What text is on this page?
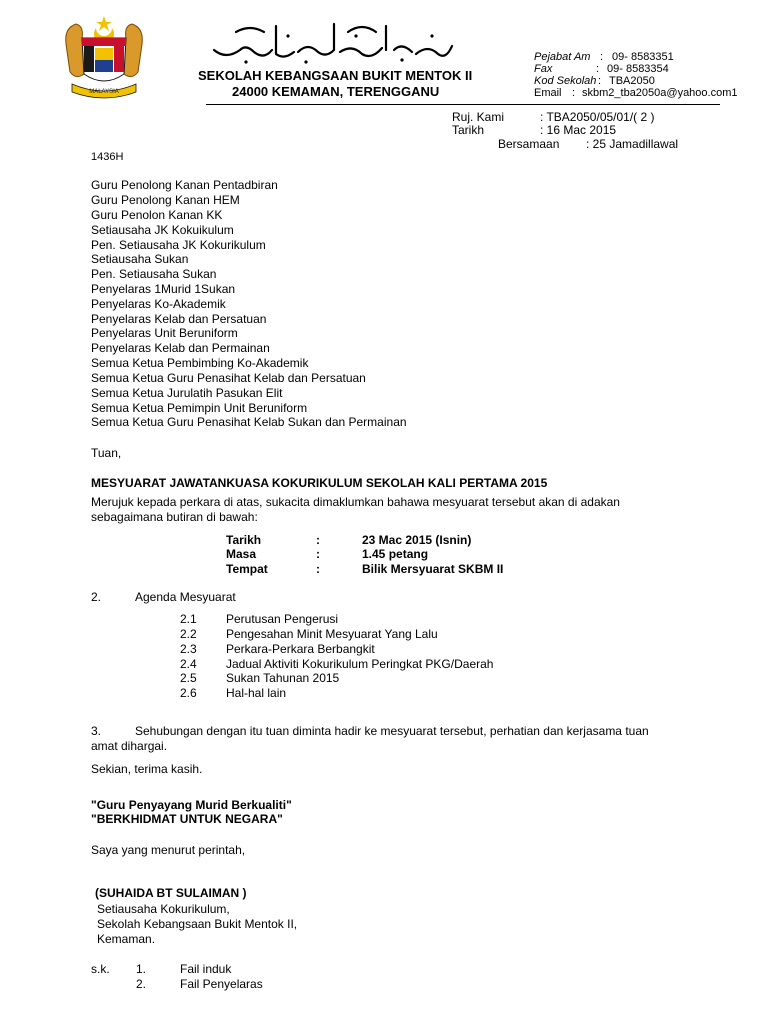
MALAYSIA
SEKOLAH KEBANGSAAN BUKIT MENTOK II
24000 KEMAMAN, TERENGGANU
Pejabat Am : 09- 8583351
Fax	: 09- 8583354
Kod Sekolah : TBA2050
Email : skbm2_tba2050a@yahoo.com1
Ruj. Kami	: TBA2050/05/01/( 2 )
Tarikh	: 16 Mac 2015
Bersamaan : 25 Jamadillawal
1436H
Guru Penolong Kanan Pentadbiran
Guru Penolong Kanan HEM
Guru Penolon Kanan KK
Setiausaha JK Kokuikulum
Pen. Setiausaha JK Kokurikulum
Setiausaha Sukan
Pen. Setiausaha Sukan
Penyelaras 1Murid 1Sukan
Penyelaras Ko-Akademik
Penyelaras Kelab dan Persatuan
Penyelaras Unit Beruniform
Penyelaras Kelab dan Permainan
Semua Ketua Pembimbing Ko-Akademik
Semua Ketua Guru Penasihat Kelab dan Persatuan
Semua Ketua Jurulatih Pasukan Elit
Semua Ketua Pemimpin Unit Beruniform
Semua Ketua Guru Penasihat Kelab Sukan dan Permainan
Tuan,
MESYUARAT JAWATANKUASA KOKURIKULUM SEKOLAH KALI PERTAMA 2015
Merujuk kepada perkara di atas, sukacita dimaklumkan bahawa mesyuarat tersebut akan di adakan
sebagaimana butiran di bawah:
Tarikh	:	23 Mac 2015 (Isnin)
Masa	:	1.45 petang
Tempat	:	Bilik Mersyuarat SKBM II
2.	Agenda Mesyuarat
2.1 Perutusan Pengerusi
2.2 Pengesahan Minit Mesyuarat Yang Lalu
2.3 Perkara-Perkara Berbangkit
2.4 Jadual Aktiviti Kokurikulum Peringkat PKG/Daerah
2.5 Sukan Tahunan 2015
2.6 Hal-hal lain
3.	Sehubungan dengan itu tuan diminta hadir ke mesyuarat tersebut, perhatian dan kerjasama tuan
amat dihargai.
Sekian, terima kasih.
"Guru Penyayang Murid Berkualiti"
"BERKHIDMAT UNTUK NEGARA"
Saya yang menurut perintah,
(SUHAIDA BT SULAIMAN )
Setiausaha Kokurikulum,
Sekolah Kebangsaan Bukit Mentok II,
Kemaman.
s.k. 1.	Fail induk
2.	Fail Penyelaras
